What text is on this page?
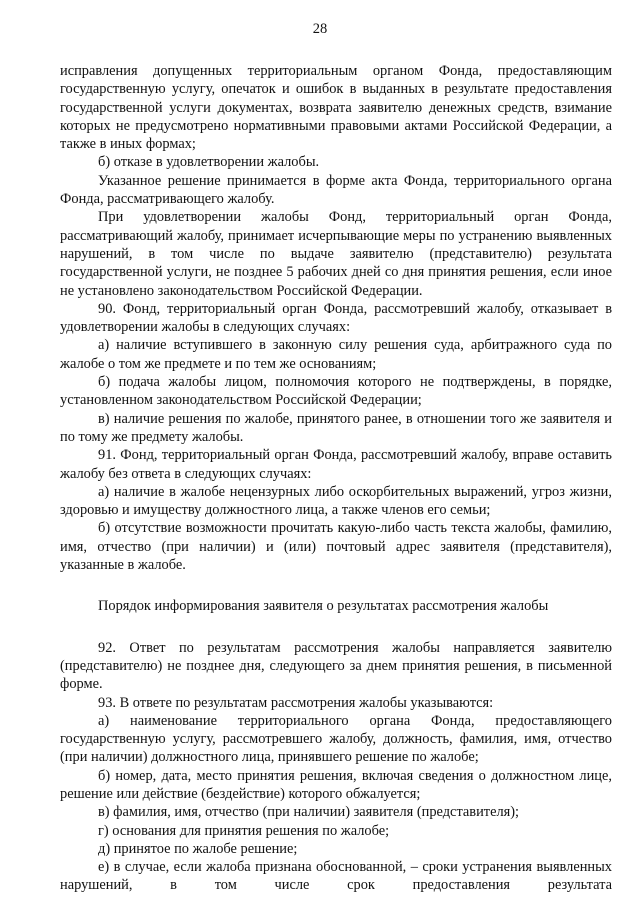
28

исправления допущенных территориальным органом Фонда, предоставляющим государственную услугу, опечаток и ошибок в выданных в результате предоставления государственной услуги документах, возврата заявителю денежных средств, взимание которых не предусмотрено нормативными правовыми актами Российской Федерации, а также в иных формах;

б) отказе в удовлетворении жалобы.

Указанное решение принимается в форме акта Фонда, территориального органа Фонда, рассматривающего жалобу.

При удовлетворении жалобы Фонд, территориальный орган Фонда, рассматривающий жалобу, принимает исчерпывающие меры по устранению выявленных нарушений, в том числе по выдаче заявителю (представителю) результата государственной услуги, не позднее 5 рабочих дней со дня принятия решения, если иное не установлено законодательством Российской Федерации.

90. Фонд, территориальный орган Фонда, рассмотревший жалобу, отказывает в удовлетворении жалобы в следующих случаях:

а) наличие вступившего в законную силу решения суда, арбитражного суда по жалобе о том же предмете и по тем же основаниям;

б) подача жалобы лицом, полномочия которого не подтверждены, в порядке, установленном законодательством Российской Федерации;

в) наличие решения по жалобе, принятого ранее, в отношении того же заявителя и по тому же предмету жалобы.

91. Фонд, территориальный орган Фонда, рассмотревший жалобу, вправе оставить жалобу без ответа в следующих случаях:

а) наличие в жалобе нецензурных либо оскорбительных выражений, угроз жизни, здоровью и имуществу должностного лица, а также членов его семьи;

б) отсутствие возможности прочитать какую-либо часть текста жалобы, фамилию, имя, отчество (при наличии) и (или) почтовый адрес заявителя (представителя), указанные в жалобе.

Порядок информирования заявителя о результатах рассмотрения жалобы

92. Ответ по результатам рассмотрения жалобы направляется заявителю (представителю) не позднее дня, следующего за днем принятия решения, в письменной форме.

93. В ответе по результатам рассмотрения жалобы указываются:

а) наименование территориального органа Фонда, предоставляющего государственную услугу, рассмотревшего жалобу, должность, фамилия, имя, отчество (при наличии) должностного лица, принявшего решение по жалобе;

б) номер, дата, место принятия решения, включая сведения о должностном лице, решение или действие (бездействие) которого обжалуется;

в) фамилия, имя, отчество (при наличии) заявителя (представителя);

г) основания для принятия решения по жалобе;

д) принятое по жалобе решение;

е) в случае, если жалоба признана обоснованной, – сроки устранения выявленных нарушений, в том числе срок предоставления результата
